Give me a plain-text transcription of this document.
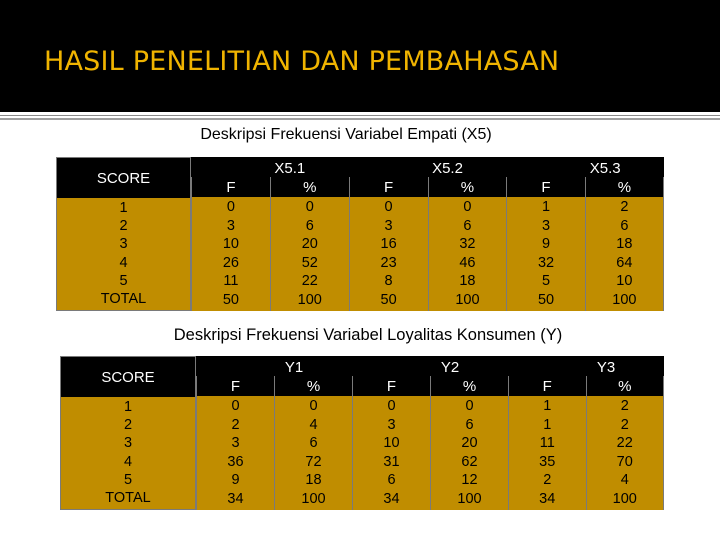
HASIL PENELITIAN DAN PEMBAHASAN
Deskripsi Frekuensi Variabel Empati (X5)
SCORE
1
2
3
4
5
TOTAL
X5.1
F
0
3
10
26
11
50
%
0
6
20
52
22
100
X5.2
F
0
3
16
23
8
50
%
0
6
32
46
18
100
X5.3
F
1
3
9
32
5
50
%
2
6
18
64
10
100
Deskripsi Frekuensi Variabel Loyalitas Konsumen (Y)
SCORE
1
2
3
4
5
TOTAL
Y1
F
0
2
3
36
9
34
%
0
4
6
72
18
100
Y2
F
0
3
10
31
6
34
%
0
6
20
62
12
100
Y3
F
1
1
11
35
2
34
%
2
2
22
70
4
100
